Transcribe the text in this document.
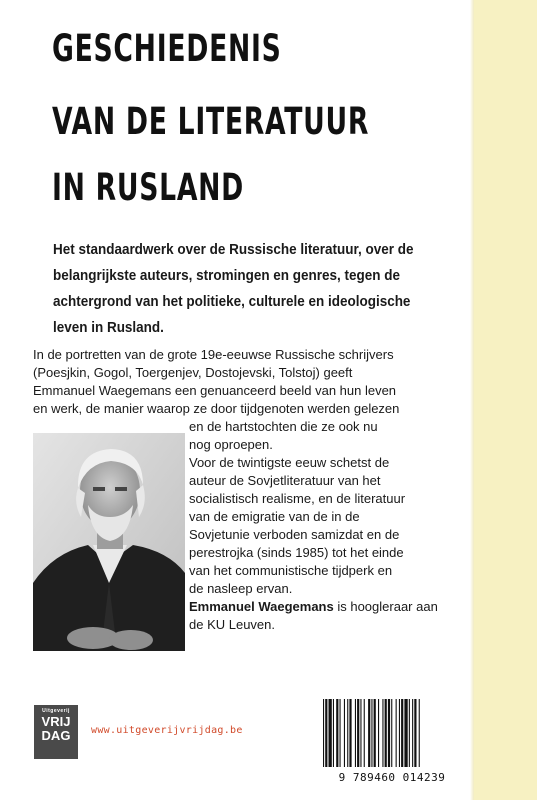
GESCHIEDENIS
VAN DE LITERATUUR
IN RUSLAND
Het standaardwerk over de Russische literatuur, over de
belangrijkste auteurs, stromingen en genres, tegen de
achtergrond van het politieke, culturele en ideologische
leven in Rusland.
In de portretten van de grote 19e-eeuwse Russische schrijvers
(Poesjkin, Gogol, Toergenjev, Dostojevski, Tolstoj) geeft
Emmanuel Waegemans een genuanceerd beeld van hun leven
en werk, de manier waarop ze door tijdgenoten werden gelezen
en de hartstochten die ze ook nu
nog oproepen.
Voor de twintigste eeuw schetst de
auteur de Sovjetliteratuur van het
socialistisch realisme, en de literatuur
van de emigratie van de in de
Sovjetunie verboden samizdat en de
perestrojka (sinds 1985) tot het einde
van het communistische tijdperk en
de nasleep ervan.
Emmanuel Waegemans is hoogleraar aan
de KU Leuven.
Uitgeverij
VRIJ
DAG	www.uitgeverijvrijdag.be
9 789460 014239
